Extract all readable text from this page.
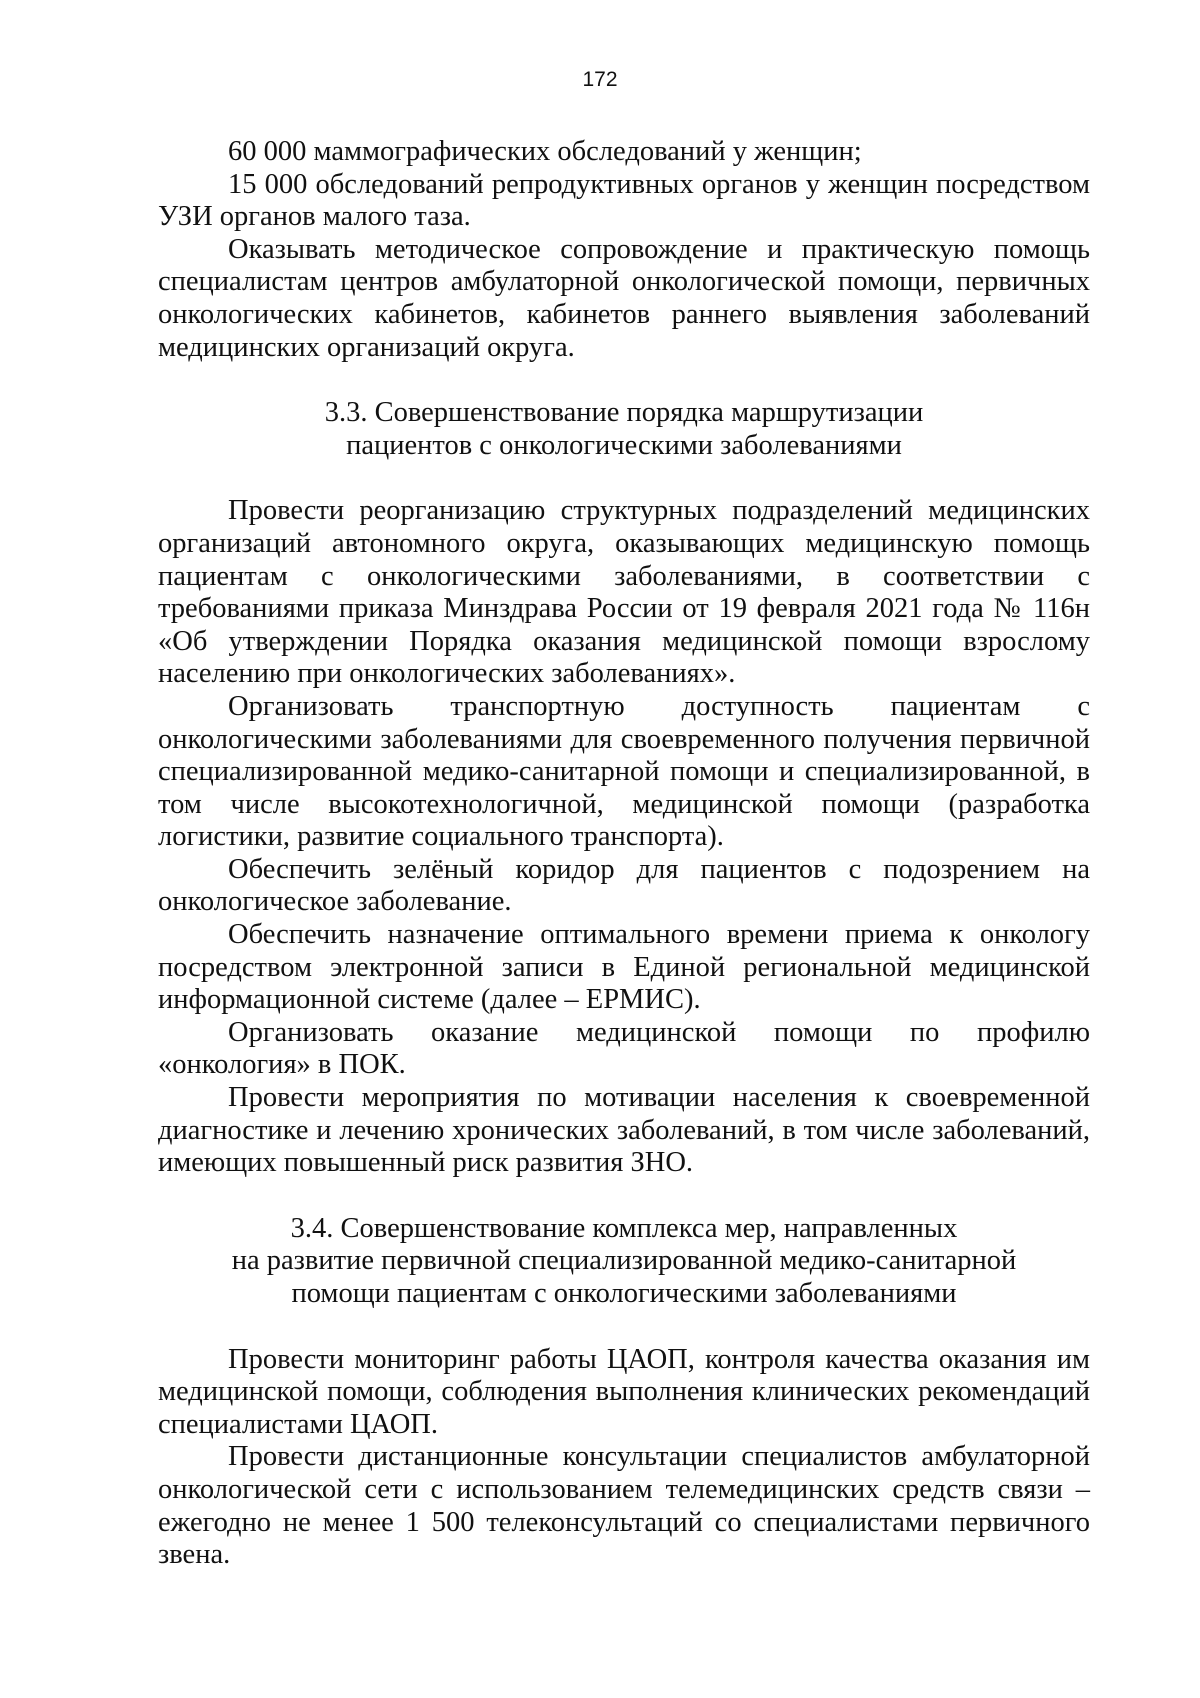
172

60 000 маммографических обследований у женщин;

15 000 обследований репродуктивных органов у женщин посредством УЗИ органов малого таза.

Оказывать методическое сопровождение и практическую помощь специалистам центров амбулаторной онкологической помощи, первичных онкологических кабинетов, кабинетов раннего выявления заболеваний медицинских организаций округа.

3.3. Совершенствование порядка маршрутизации
пациентов с онкологическими заболеваниями

Провести реорганизацию структурных подразделений медицинских организаций автономного округа, оказывающих медицинскую помощь пациентам с онкологическими заболеваниями, в соответствии с требованиями приказа Минздрава России от 19 февраля 2021 года № 116н «Об утверждении Порядка оказания медицинской помощи взрослому населению при онкологических заболеваниях».

Организовать транспортную доступность пациентам с онкологическими заболеваниями для своевременного получения первичной специализированной медико-санитарной помощи и специализированной, в том числе высокотехнологичной, медицинской помощи (разработка логистики, развитие социального транспорта).

Обеспечить зелёный коридор для пациентов с подозрением на онкологическое заболевание.

Обеспечить назначение оптимального времени приема к онкологу посредством электронной записи в Единой региональной медицинской информационной системе (далее – ЕРМИС).

Организовать оказание медицинской помощи по профилю «онкология» в ПОК.

Провести мероприятия по мотивации населения к своевременной диагностике и лечению хронических заболеваний, в том числе заболеваний, имеющих повышенный риск развития ЗНО.

3.4. Совершенствование комплекса мер, направленных
на развитие первичной специализированной медико-санитарной
помощи пациентам с онкологическими заболеваниями

Провести мониторинг работы ЦАОП, контроля качества оказания им медицинской помощи, соблюдения выполнения клинических рекомендаций специалистами ЦАОП.

Провести дистанционные консультации специалистов амбулаторной онкологической сети с использованием телемедицинских средств связи – ежегодно не менее 1 500 телеконсультаций со специалистами первичного звена.
